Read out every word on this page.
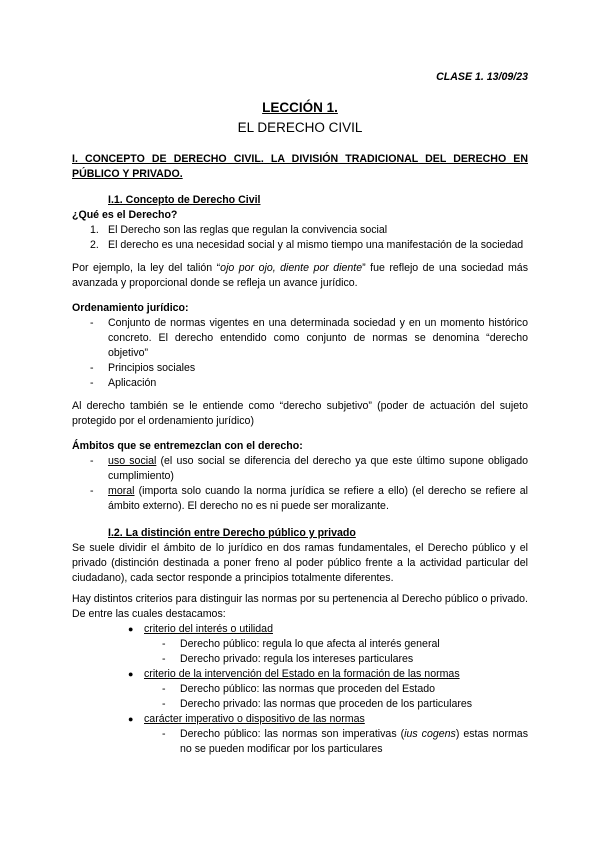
CLASE 1. 13/09/23
LECCIÓN 1.
EL DERECHO CIVIL
I. CONCEPTO DE DERECHO CIVIL. LA DIVISIÓN TRADICIONAL DEL DERECHO EN PÚBLICO Y PRIVADO.
I.1. Concepto de Derecho Civil
¿Qué es el Derecho?
1. El Derecho son las reglas que regulan la convivencia social
2. El derecho es una necesidad social y al mismo tiempo una manifestación de la sociedad

Por ejemplo, la ley del talión “ojo por ojo, diente por diente” fue reflejo de una sociedad más avanzada y proporcional donde se refleja un avance jurídico.

Ordenamiento jurídico:
- Conjunto de normas vigentes en una determinada sociedad y en un momento histórico concreto. El derecho entendido como conjunto de normas se denomina “derecho objetivo”
- Principios sociales
- Aplicación

Al derecho también se le entiende como “derecho subjetivo” (poder de actuación del sujeto protegido por el ordenamiento jurídico)

Ámbitos que se entremezclan con el derecho:
- uso social (el uso social se diferencia del derecho ya que este último supone obligado cumplimiento)
- moral (importa solo cuando la norma jurídica se refiere a ello) (el derecho se refiere al ámbito externo). El derecho no es ni puede ser moralizante.
I.2. La distinción entre Derecho público y privado

Se suele dividir el ámbito de lo jurídico en dos ramas fundamentales, el Derecho público y el privado (distinción destinada a poner freno al poder público frente a la actividad particular del ciudadano), cada sector responde a principios totalmente diferentes.

Hay distintos criterios para distinguir las normas por su pertenencia al Derecho público o privado. De entre las cuales destacamos:

● criterio del interés o utilidad
- Derecho público: regula lo que afecta al interés general
- Derecho privado: regula los intereses particulares
● criterio de la intervención del Estado en la formación de las normas
- Derecho público: las normas que proceden del Estado
- Derecho privado: las normas que proceden de los particulares
● carácter imperativo o dispositivo de las normas
- Derecho público: las normas son imperativas (ius cogens) estas normas no se pueden modificar por los particulares
